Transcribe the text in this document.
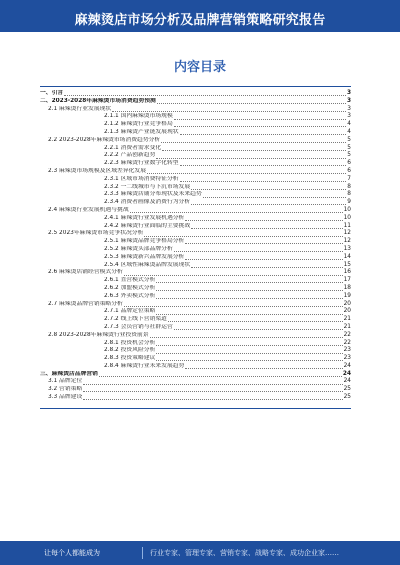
麻辣烫店市场分析及品牌营销策略研究报告
内容目录
一、引言	3
二、2023-2028年麻辣烫市场消费趋势预测	3
2.1 麻辣烫行业发展现状	3
2.1.1 国内麻辣烫市场规模	3
2.1.2 麻辣烫行业竞争格局	4
2.1.3 麻辣烫产业链发展现状	4
2.2 2023-2028年麻辣烫市场消费趋势分析	5
2.2.1 消费者需求变化	5
2.2.2 产品创新趋势	5
2.2.3 麻辣烫行业数字化转型	6
2.3 麻辣烫市场规模及区域差异化发展	6
2.3.1 区域市场消费特征分析	7
2.3.2 一二线城市与下沉市场发展	8
2.3.3 麻辣烫店铺分布现状及未来趋势	8
2.3.4 消费者画像及消费行为分析	9
2.4 麻辣烫行业发展机遇与挑战	10
2.4.1 麻辣烫行业发展机遇分析	10
2.4.2 麻辣烫行业面临的主要挑战	11
2.5 2023年麻辣烫市场竞争状况分析	12
2.5.1 麻辣烫品牌竞争格局分析	12
2.5.2 麻辣烫头部品牌分析	13
2.5.3 麻辣烫新兴品牌发展分析	14
2.5.4 区域性麻辣烫品牌发展现状	15
2.6 麻辣烫店铺经营模式分析	16
2.6.1 直营模式分析	17
2.6.2 加盟模式分析	18
2.6.3 外卖模式分析	19
2.7 麻辣烫品牌营销策略分析	20
2.7.1 品牌定位策略	20
2.7.2 线上线下营销渠道	21
2.7.3 会员营销与社群运营	21
2.8 2023-2028年麻辣烫行业投资前景	22
2.8.1 投资机会分析	22
2.8.2 投资风险分析	23
2.8.3 投资策略建议	23
2.8.4 麻辣烫行业未来发展趋势	24
三、麻辣烫店品牌营销	24
3.1 品牌定位	24
3.2 营销策略	25
3.3 品牌建设	25
让每个人都能成为	行业专家、管理专家、营销专家、战略专家、成功企业家……
